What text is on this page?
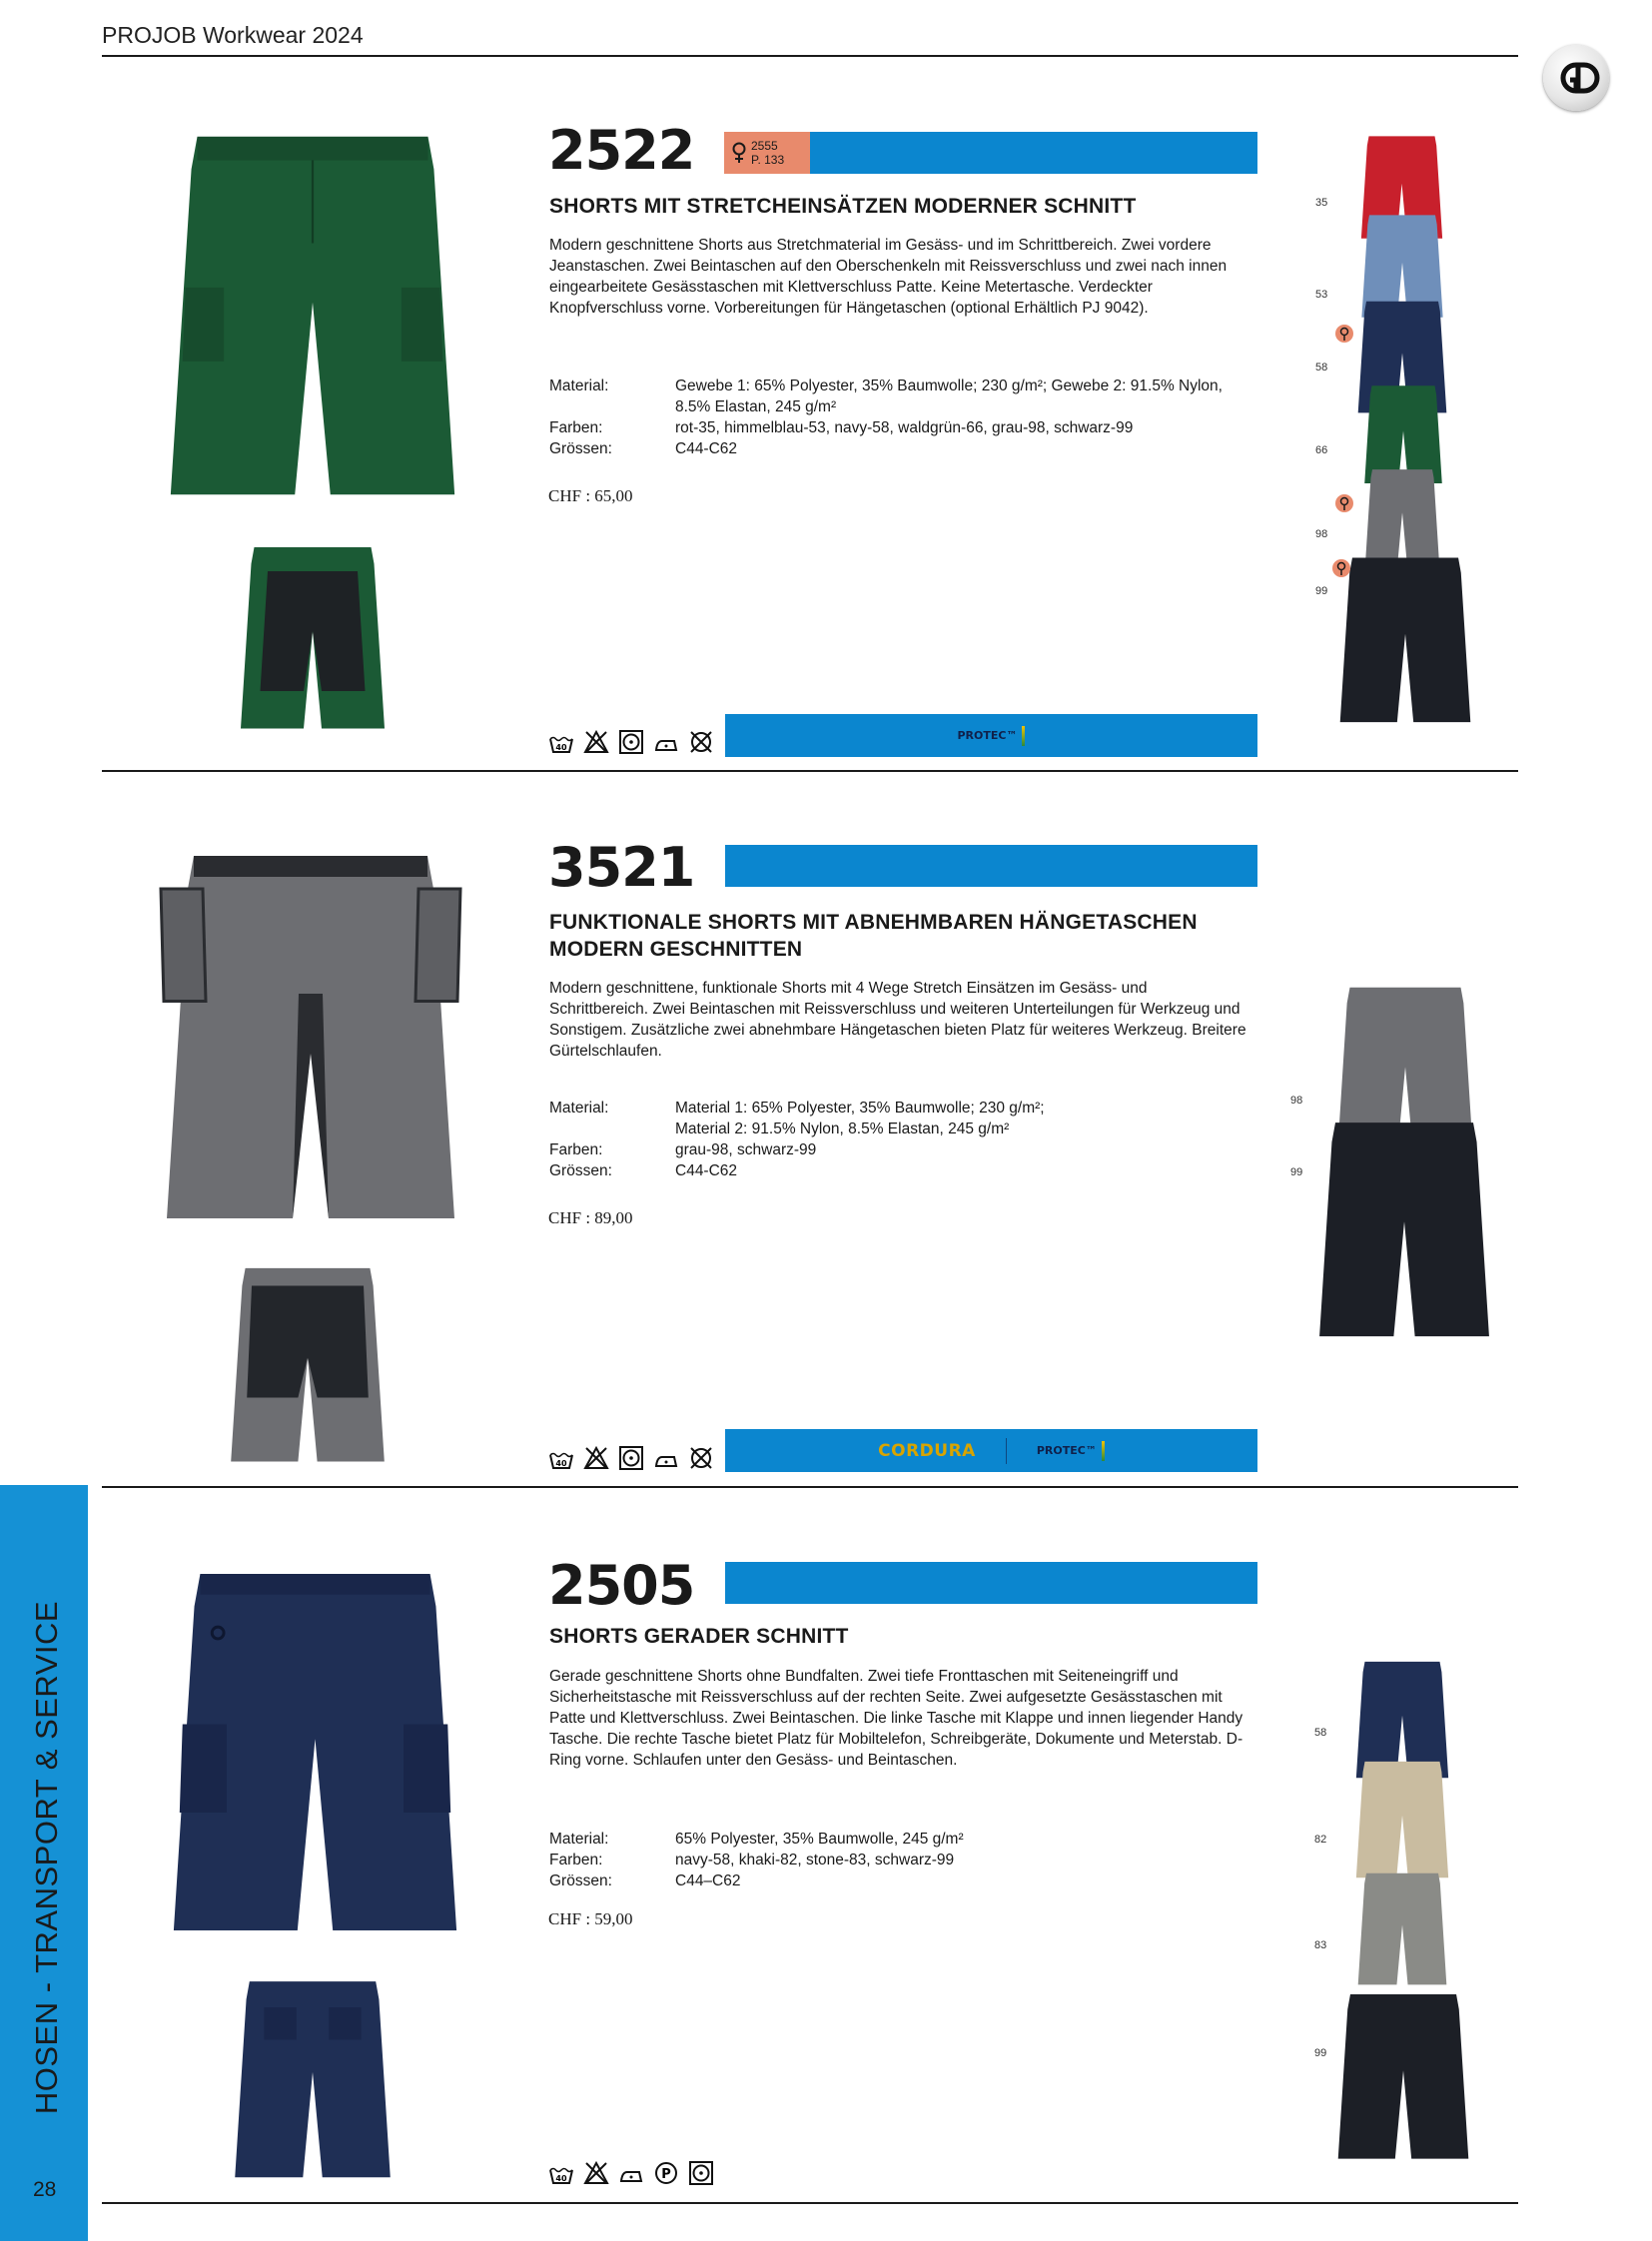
PROJOB Workwear 2024
2522	2555
P. 133
SHORTS MIT STRETCHEINSÄTZEN MODERNER SCHNITT
Modern geschnittene Shorts aus Stretchmaterial im Gesäss- und im Schrittbereich. Zwei vordere Jeanstaschen. Zwei Beintaschen auf den Oberschenkeln mit Reissverschluss und zwei nach innen eingearbeitete Gesässtaschen mit Klettverschluss Patte. Keine Metertasche. Verdeckter Knopfverschluss vorne. Vorbereitungen für Hängetaschen (optional Erhältlich PJ 9042).
Material:	Gewebe 1: 65% Polyester, 35% Baumwolle; 230 g/m²; Gewebe 2: 91.5% Nylon, 8.5% Elastan, 245 g/m²
Farben:	rot-35, himmelblau-53, navy-58, waldgrün-66, grau-98, schwarz-99
Grössen:	C44-C62
CHF : 65,00
40
PROTEC™
35
53
58
66
98
99
3521
FUNKTIONALE SHORTS MIT ABNEHMBAREN HÄNGETASCHEN MODERN GESCHNITTEN
Modern geschnittene, funktionale Shorts mit 4 Wege Stretch Einsätzen im Gesäss- und Schrittbereich. Zwei Beintaschen mit Reissverschluss und weiteren Unterteilungen für Werkzeug und Sonstigem. Zusätzliche zwei abnehmbare Hängetaschen bieten Platz für weiteres Werkzeug. Breitere Gürtelschlaufen.
Material:	Material 1: 65% Polyester, 35% Baumwolle; 230 g/m²; Material 2: 91.5% Nylon, 8.5% Elastan, 245 g/m²
Farben:	grau-98, schwarz-99
Grössen:	C44-C62
CHF : 89,00
40
CORDURA	PROTEC™
98
99
2505
SHORTS GERADER SCHNITT
Gerade geschnittene Shorts ohne Bundfalten. Zwei tiefe Fronttaschen mit Seiteneingriff und Sicherheitstasche mit Reissverschluss auf der rechten Seite. Zwei aufgesetzte Gesässtaschen mit Patte und Klettverschluss. Zwei Beintaschen. Die linke Tasche mit Klappe und innen liegender Handy Tasche. Die rechte Tasche bietet Platz für Mobiltelefon, Schreibgeräte, Dokumente und Meterstab. D-Ring vorne. Schlaufen unter den Gesäss- und Beintaschen.
Material:	65% Polyester, 35% Baumwolle, 245 g/m²
Farben:	navy-58, khaki-82, stone-83, schwarz-99
Grössen:	C44–C62
CHF : 59,00
40	P
58
82
83
99
HOSEN - TRANSPORT & SERVICE
28
